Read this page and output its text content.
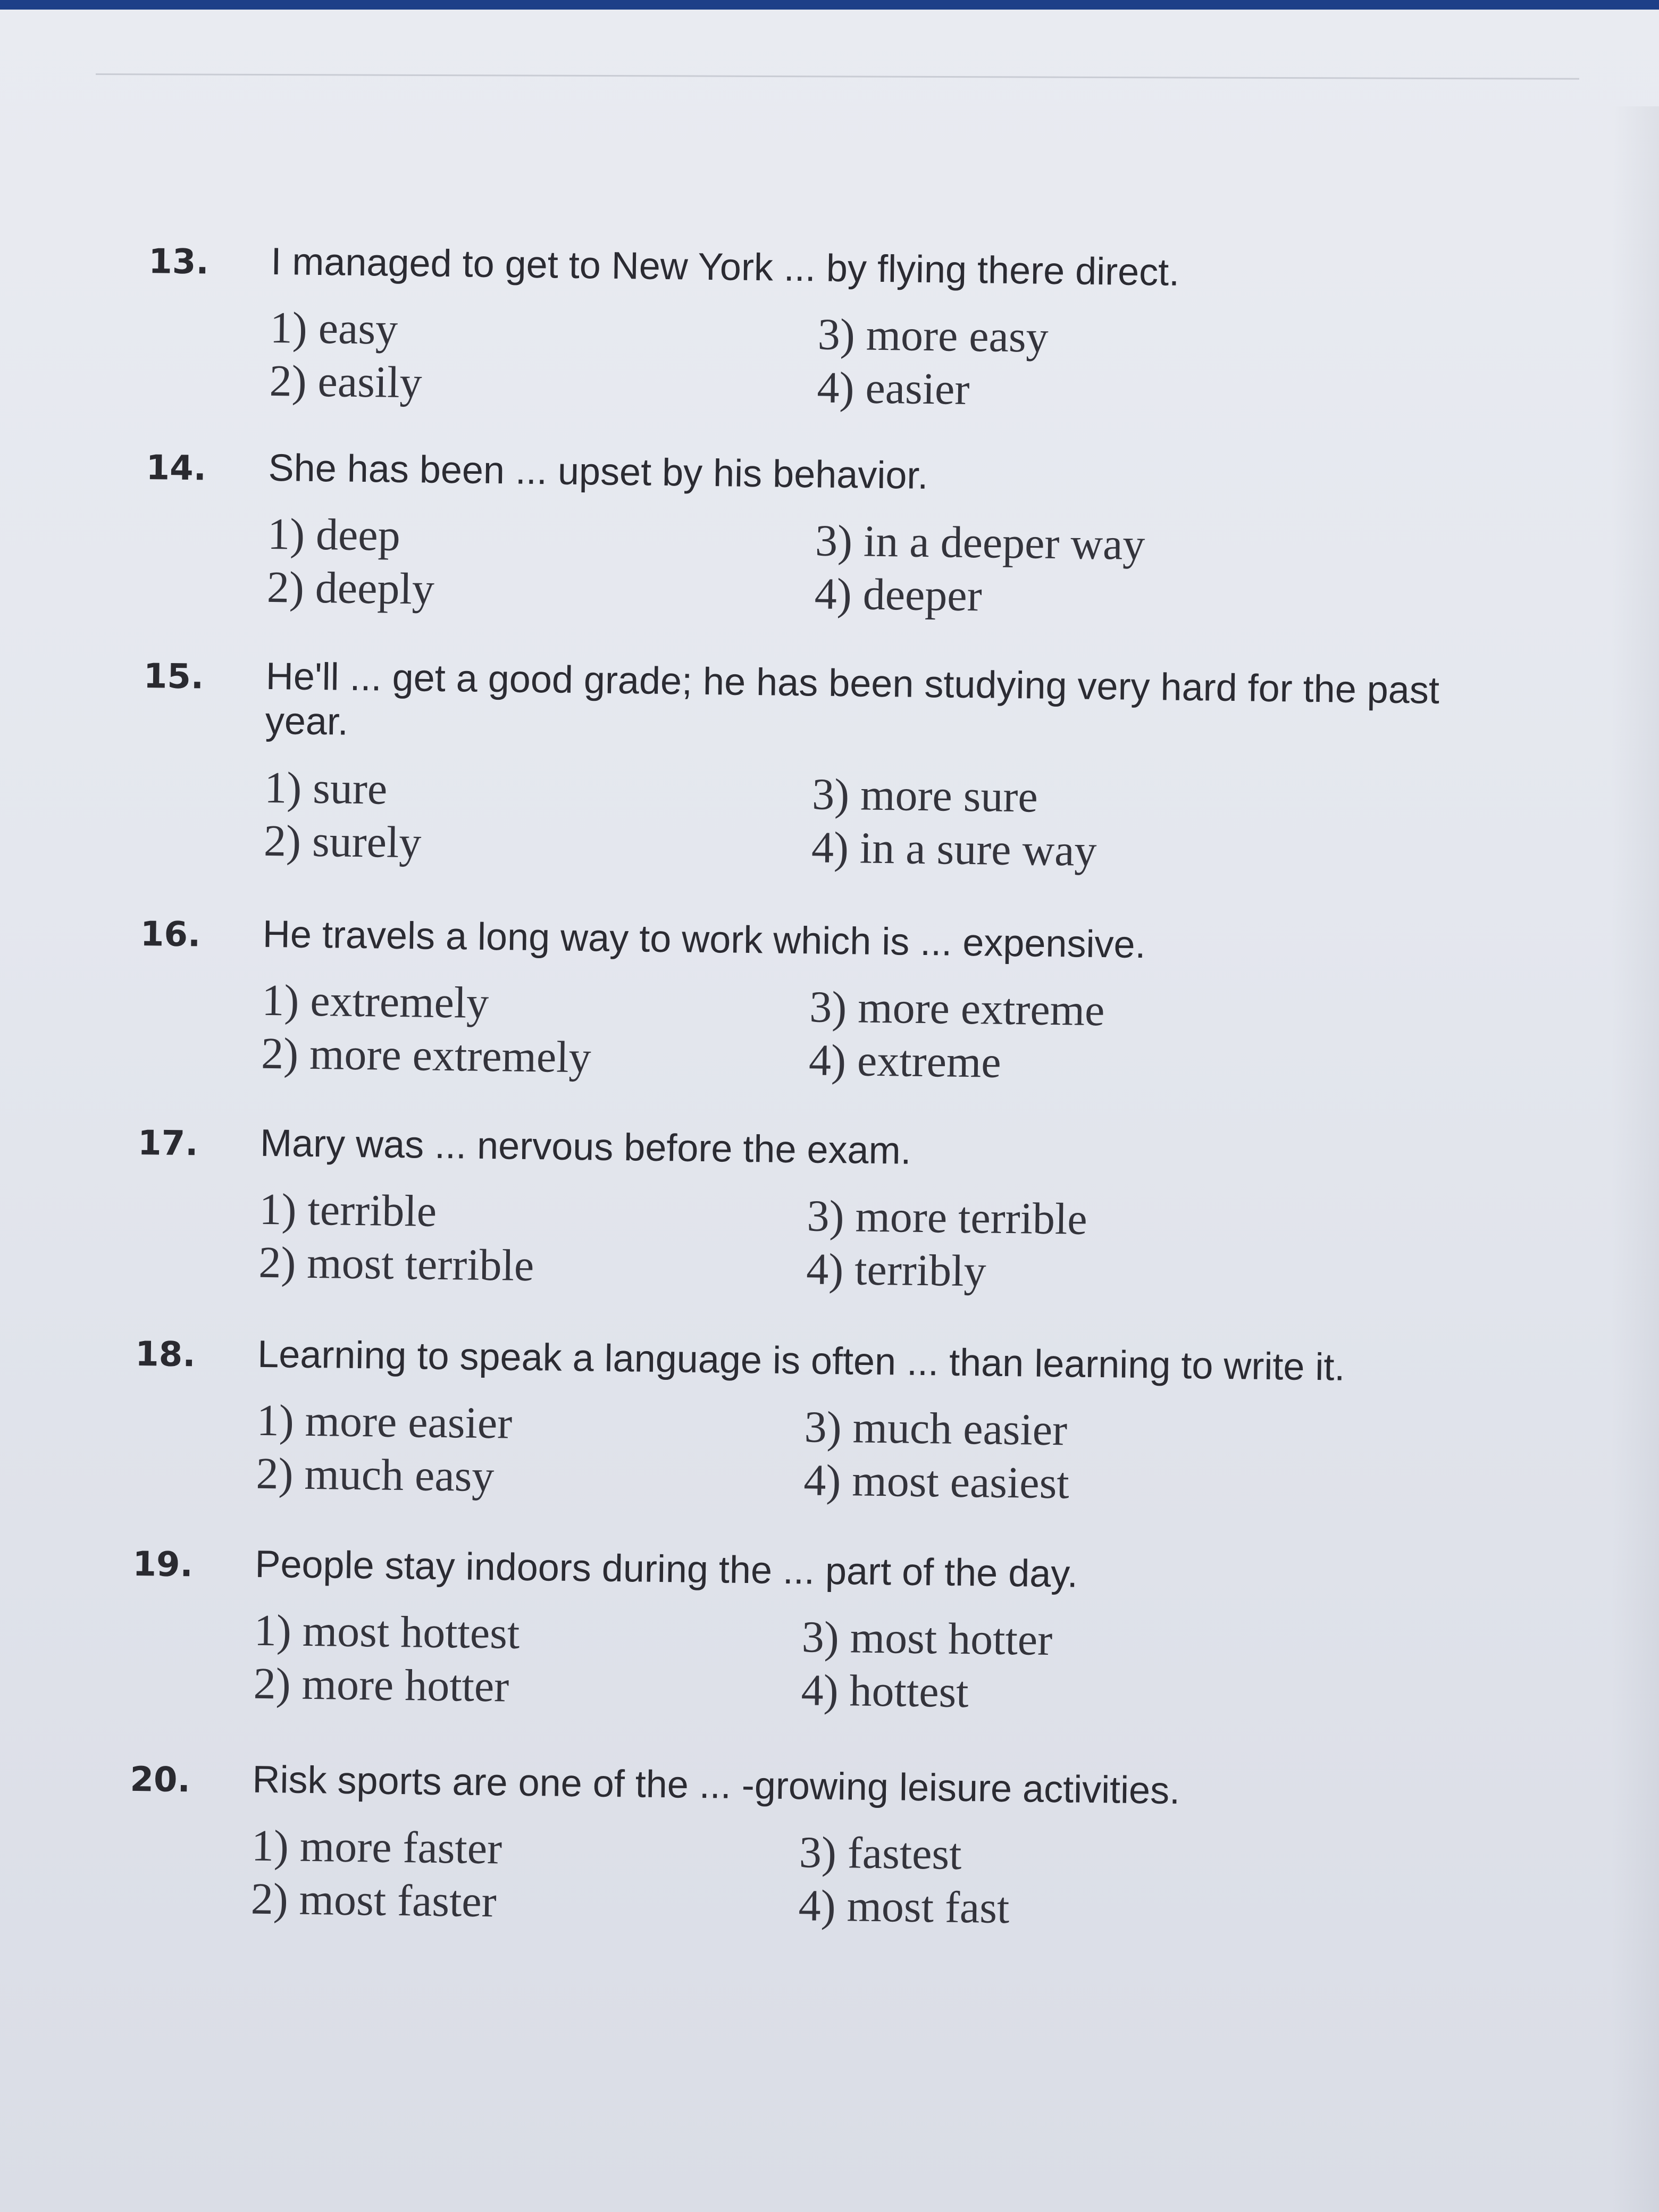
13. I managed to get to New York ... by flying there direct.
1) easy
2) easily
3) more easy
4) easier
14. She has been ... upset by his behavior.
1) deep
2) deeply
3) in a deeper way
4) deeper
15. He'll ... get a good grade; he has been studying very hard for the past year.
1) sure
2) surely
3) more sure
4) in a sure way
16. He travels a long way to work which is ... expensive.
1) extremely
2) more extremely
3) more extreme
4) extreme
17. Mary was ... nervous before the exam.
1) terrible
2) most terrible
3) more terrible
4) terribly
18. Learning to speak a language is often ... than learning to write it.
1) more easier
2) much easy
3) much easier
4) most easiest
19. People stay indoors during the ... part of the day.
1) most hottest
2) more hotter
3) most hotter
4) hottest
20. Risk sports are one of the ... -growing leisure activities.
1) more faster
2) most faster
3) fastest
4) most fast
